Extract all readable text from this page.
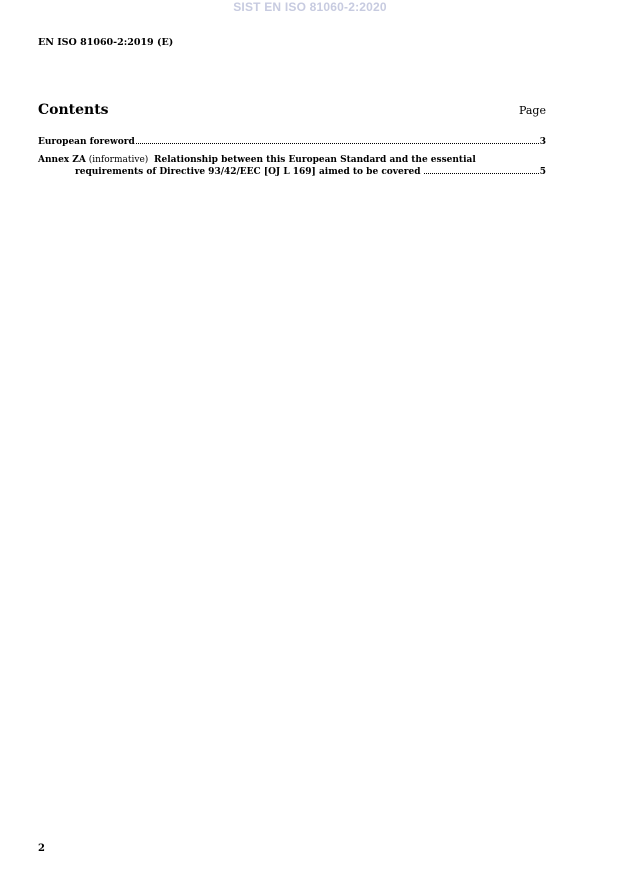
SIST EN ISO 81060-2:2020
EN ISO 81060-2:2019 (E)
Contents	Page
European foreword	3
Annex ZA (informative) Relationship between this European Standard and the essential
requirements of Directive 93/42/EEC [OJ L 169] aimed to be covered	5
2
